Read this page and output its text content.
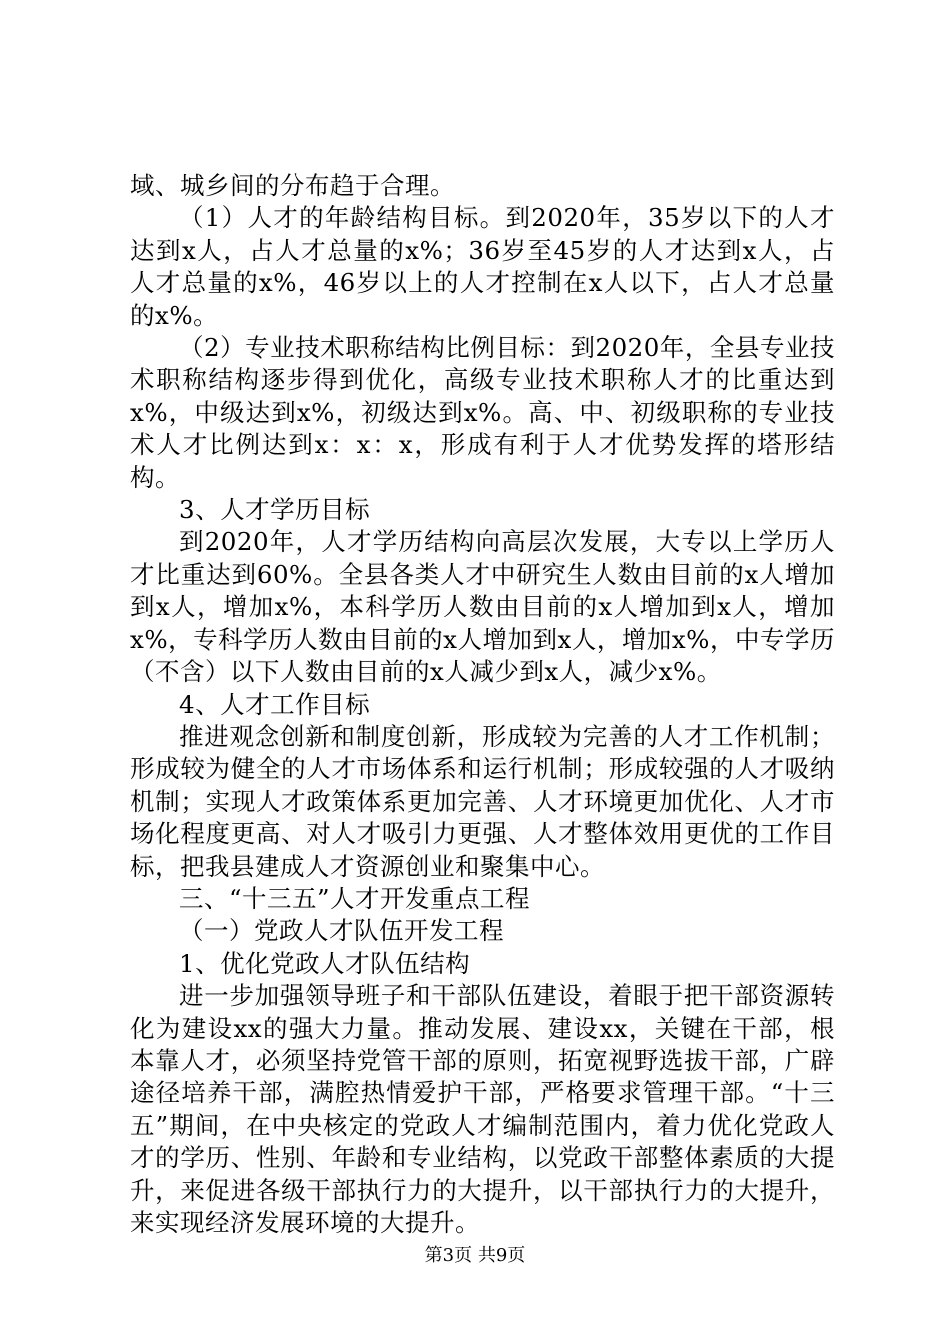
域、城乡间的分布趋于合理。

（1）人才的年龄结构目标。到2020年，35岁以下的人才达到x人，占人才总量的x%；36岁至45岁的人才达到x人，占人才总量的x%，46岁以上的人才控制在x人以下，占人才总量的x%。

（2）专业技术职称结构比例目标：到2020年，全县专业技术职称结构逐步得到优化，高级专业技术职称人才的比重达到x%，中级达到x%，初级达到x%。高、中、初级职称的专业技术人才比例达到x：x：x，形成有利于人才优势发挥的塔形结构。

3、人才学历目标

到2020年，人才学历结构向高层次发展，大专以上学历人才比重达到60%。全县各类人才中研究生人数由目前的x人增加到x人，增加x%，本科学历人数由目前的x人增加到x人，增加x%，专科学历人数由目前的x人增加到x人，增加x%，中专学历（不含）以下人数由目前的x人减少到x人，减少x%。

4、人才工作目标

推进观念创新和制度创新，形成较为完善的人才工作机制；形成较为健全的人才市场体系和运行机制；形成较强的人才吸纳机制；实现人才政策体系更加完善、人才环境更加优化、人才市场化程度更高、对人才吸引力更强、人才整体效用更优的工作目标，把我县建成人才资源创业和聚集中心。

三、“十三五”人才开发重点工程

（一）党政人才队伍开发工程

1、优化党政人才队伍结构

进一步加强领导班子和干部队伍建设，着眼于把干部资源转化为建设xx的强大力量。推动发展、建设xx，关键在干部，根本靠人才，必须坚持党管干部的原则，拓宽视野选拔干部，广辟途径培养干部，满腔热情爱护干部，严格要求管理干部。“十三五”期间，在中央核定的党政人才编制范围内，着力优化党政人才的学历、性别、年龄和专业结构，以党政干部整体素质的大提升，来促进各级干部执行力的大提升，以干部执行力的大提升，来实现经济发展环境的大提升。

第3页 共9页
